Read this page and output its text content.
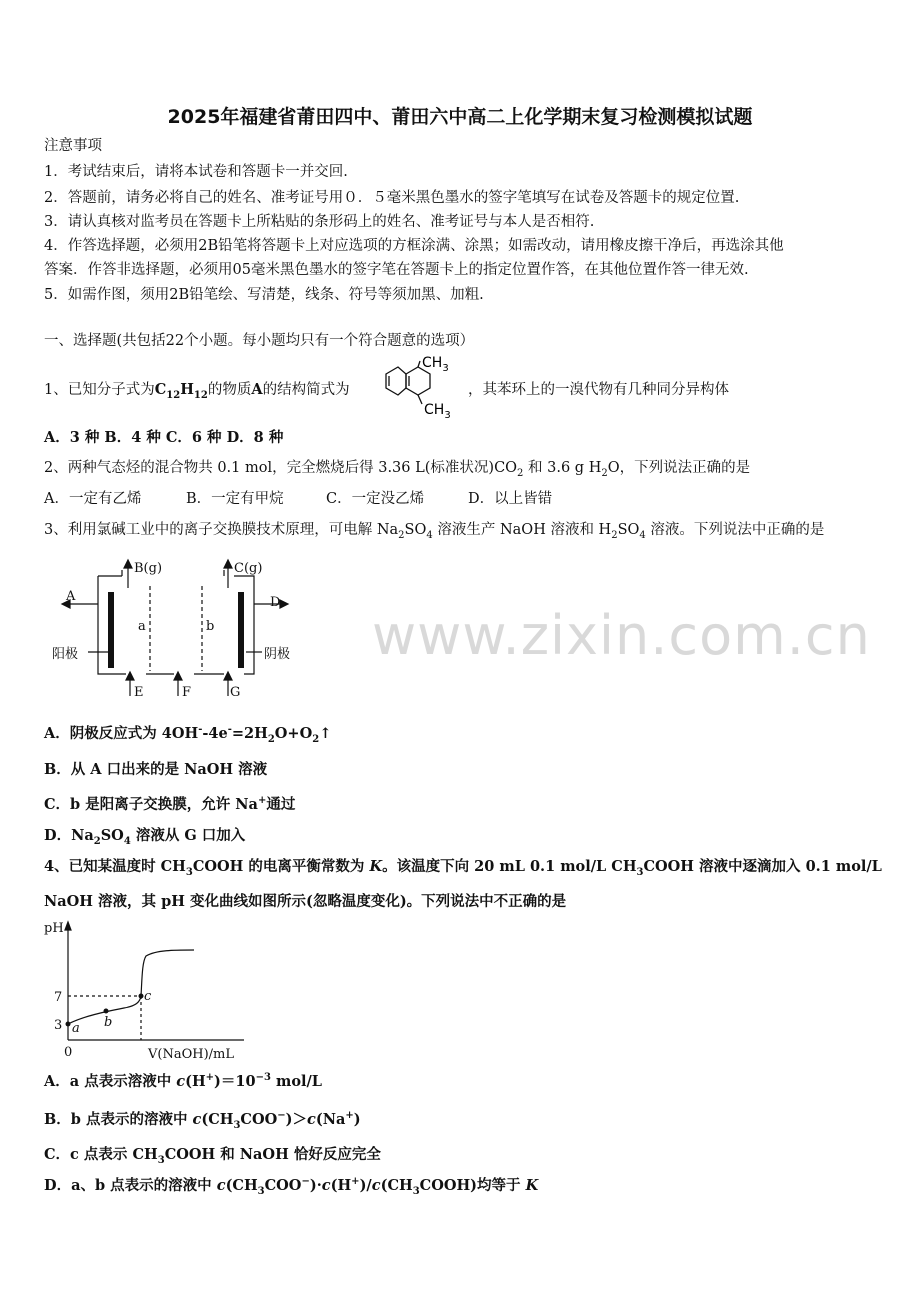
2025年福建省莆田四中、莆田六中高二上化学期末复习检测模拟试题
注意事项
1．考试结束后，请将本试卷和答题卡一并交回.
2．答题前，请务必将自己的姓名、准考证号用０．５毫米黑色墨水的签字笔填写在试卷及答题卡的规定位置.
3．请认真核对监考员在答题卡上所粘贴的条形码上的姓名、准考证号与本人是否相符.
4．作答选择题，必须用2B铅笔将答题卡上对应选项的方框涂满、涂黑；如需改动，请用橡皮擦干净后，再选涂其他
答案．作答非选择题，必须用05毫米黑色墨水的签字笔在答题卡上的指定位置作答，在其他位置作答一律无效.
5．如需作图，须用2B铅笔绘、写清楚，线条、符号等须加黑、加粗.
一、选择题(共包括22个小题。每小题均只有一个符合题意的选项）
1、已知分子式为$C_{12}H_{12}$的物质A的结构简式为
$CH_3$
$CH_3$
，其苯环上的一溴代物有几种同分异构体
A．3 种 B．4 种 C．6 种 D．8 种
2、两种气态烃的混合物共 0.1 mol，完全燃烧后得 3.36 L(标准状况)$CO_2$ 和 3.6 g $H_2O$，下列说法正确的是
A．一定有乙烯	B．一定有甲烷	C．一定没乙烯	D．以上皆错
3、利用氯碱工业中的离子交换膜技术原理，可电解 $Na_2SO_4$ 溶液生产 NaOH 溶液和 $H_2SO_4$ 溶液。下列说法中正确的是
www.zixin.com.cn
B(g)	C(g)
A	D
a	b
阳极	阴极
E	F	G
A．阴极反应式为 $4OH^--4e^-=2H_2O+O_2↑$
B．从 A 口出来的是 NaOH 溶液
C．b 是阳离子交换膜，允许 Na+通过
D．$Na_2SO_4$ 溶液从 G 口加入
4、已知某温度时 $CH_3COOH$ 的电离平衡常数为 K。该温度下向 20 mL 0.1 mol/L $CH_3COOH$ 溶液中逐滴加入 0.1 mol/L
NaOH 溶液，其 pH 变化曲线如图所示(忽略温度变化)。下列说法中不正确的是
pH
7
3
0	V(NaOH)/mL
a b
c
A．a 点表示溶液中 $c(H^+)=10^{-3}$ mol/L
B．b 点表示的溶液中 $c(CH_3COO^-)>c(Na^+)$
C．c 点表示 $CH_3COOH$ 和 NaOH 恰好反应完全
D．a、b 点表示的溶液中 $c(CH_3COO^-)\cdot c(H^+)/c(CH_3COOH)$均等于 K
